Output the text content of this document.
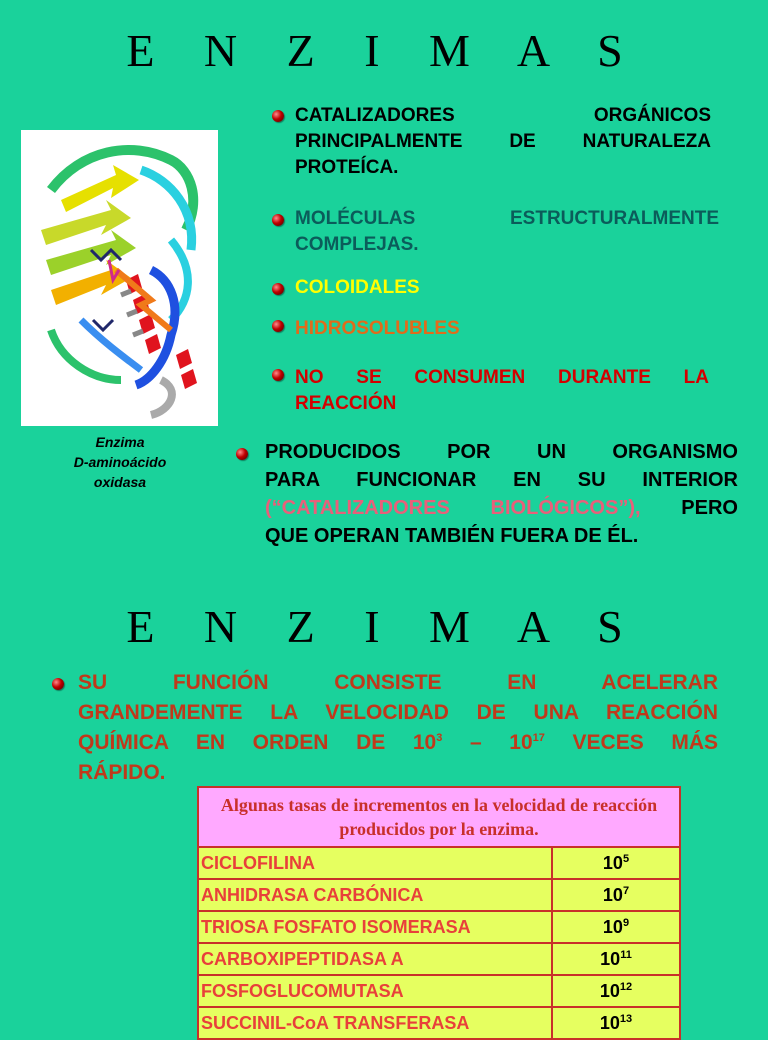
E N Z I M A S
Enzima
D-aminoácido
oxidasa
CATALIZADORES ORGÁNICOS
PRINCIPALMENTE DE NATURALEZA
PROTEÍCA.
MOLÉCULAS ESTRUCTURALMENTE
COMPLEJAS.
COLOIDALES
HIDROSOLUBLES
NO SE CONSUMEN DURANTE LA
REACCIÓN
PRODUCIDOS POR UN ORGANISMO
PARA FUNCIONAR EN SU INTERIOR
(“CATALIZADORES BIOLÓGICOS”), PERO
QUE OPERAN TAMBIÉN FUERA DE ÉL.
E N Z I M A S
SU FUNCIÓN CONSISTE EN ACELERAR
GRANDEMENTE LA VELOCIDAD DE UNA REACCIÓN
QUÍMICA EN ORDEN DE $10^3 - 10^{17}$ VECES MÁS
RÁPIDO.
Algunas tasas de incrementos en la velocidad de reacción producidos por la enzima.	
CICLOFILINA	$10^5$
ANHIDRASA CARBÓNICA	$10^7$
TRIOSA FOSFATO ISOMERASA	$10^9$
CARBOXIPEPTIDASA A	$10^{11}$
FOSFOGLUCOMUTASA	$10^{12}$
SUCCINIL-CoA TRANSFERASA	$10^{13}$
